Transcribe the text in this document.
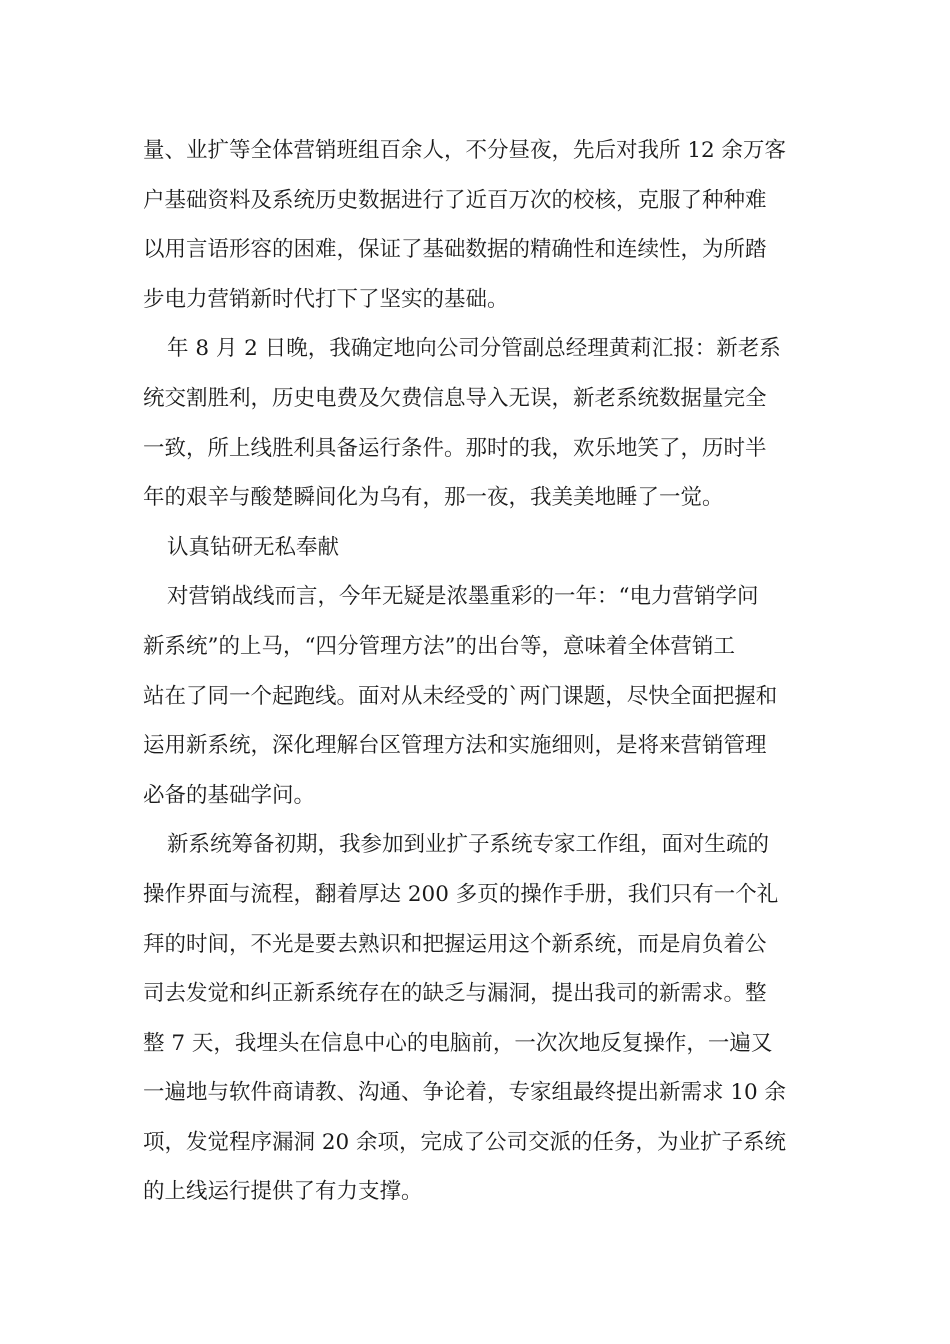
量、业扩等全体营销班组百余人，不分昼夜，先后对我所 12 余万客
户基础资料及系统历史数据进行了近百万次的校核，克服了种种难
以用言语形容的困难，保证了基础数据的精确性和连续性，为所踏
步电力营销新时代打下了坚实的基础。
年 8 月 2 日晚，我确定地向公司分管副总经理黄莉汇报：新老系
统交割胜利，历史电费及欠费信息导入无误，新老系统数据量完全
一致，所上线胜利具备运行条件。那时的我，欢乐地笑了，历时半
年的艰辛与酸楚瞬间化为乌有，那一夜，我美美地睡了一觉。
认真钻研无私奉献
对营销战线而言，今年无疑是浓墨重彩的一年：“电力营销学问
新系统”的上马，“四分管理方法”的出台等，意味着全体营销工
站在了同一个起跑线。面对从未经受的`两门课题，尽快全面把握和
运用新系统，深化理解台区管理方法和实施细则，是将来营销管理
必备的基础学问。
新系统筹备初期，我参加到业扩子系统专家工作组，面对生疏的
操作界面与流程，翻着厚达 200 多页的操作手册，我们只有一个礼
拜的时间，不光是要去熟识和把握运用这个新系统，而是肩负着公
司去发觉和纠正新系统存在的缺乏与漏洞，提出我司的新需求。整
整 7 天，我埋头在信息中心的电脑前，一次次地反复操作，一遍又
一遍地与软件商请教、沟通、争论着，专家组最终提出新需求 10 余
项，发觉程序漏洞 20 余项，完成了公司交派的任务，为业扩子系统
的上线运行提供了有力支撑。
